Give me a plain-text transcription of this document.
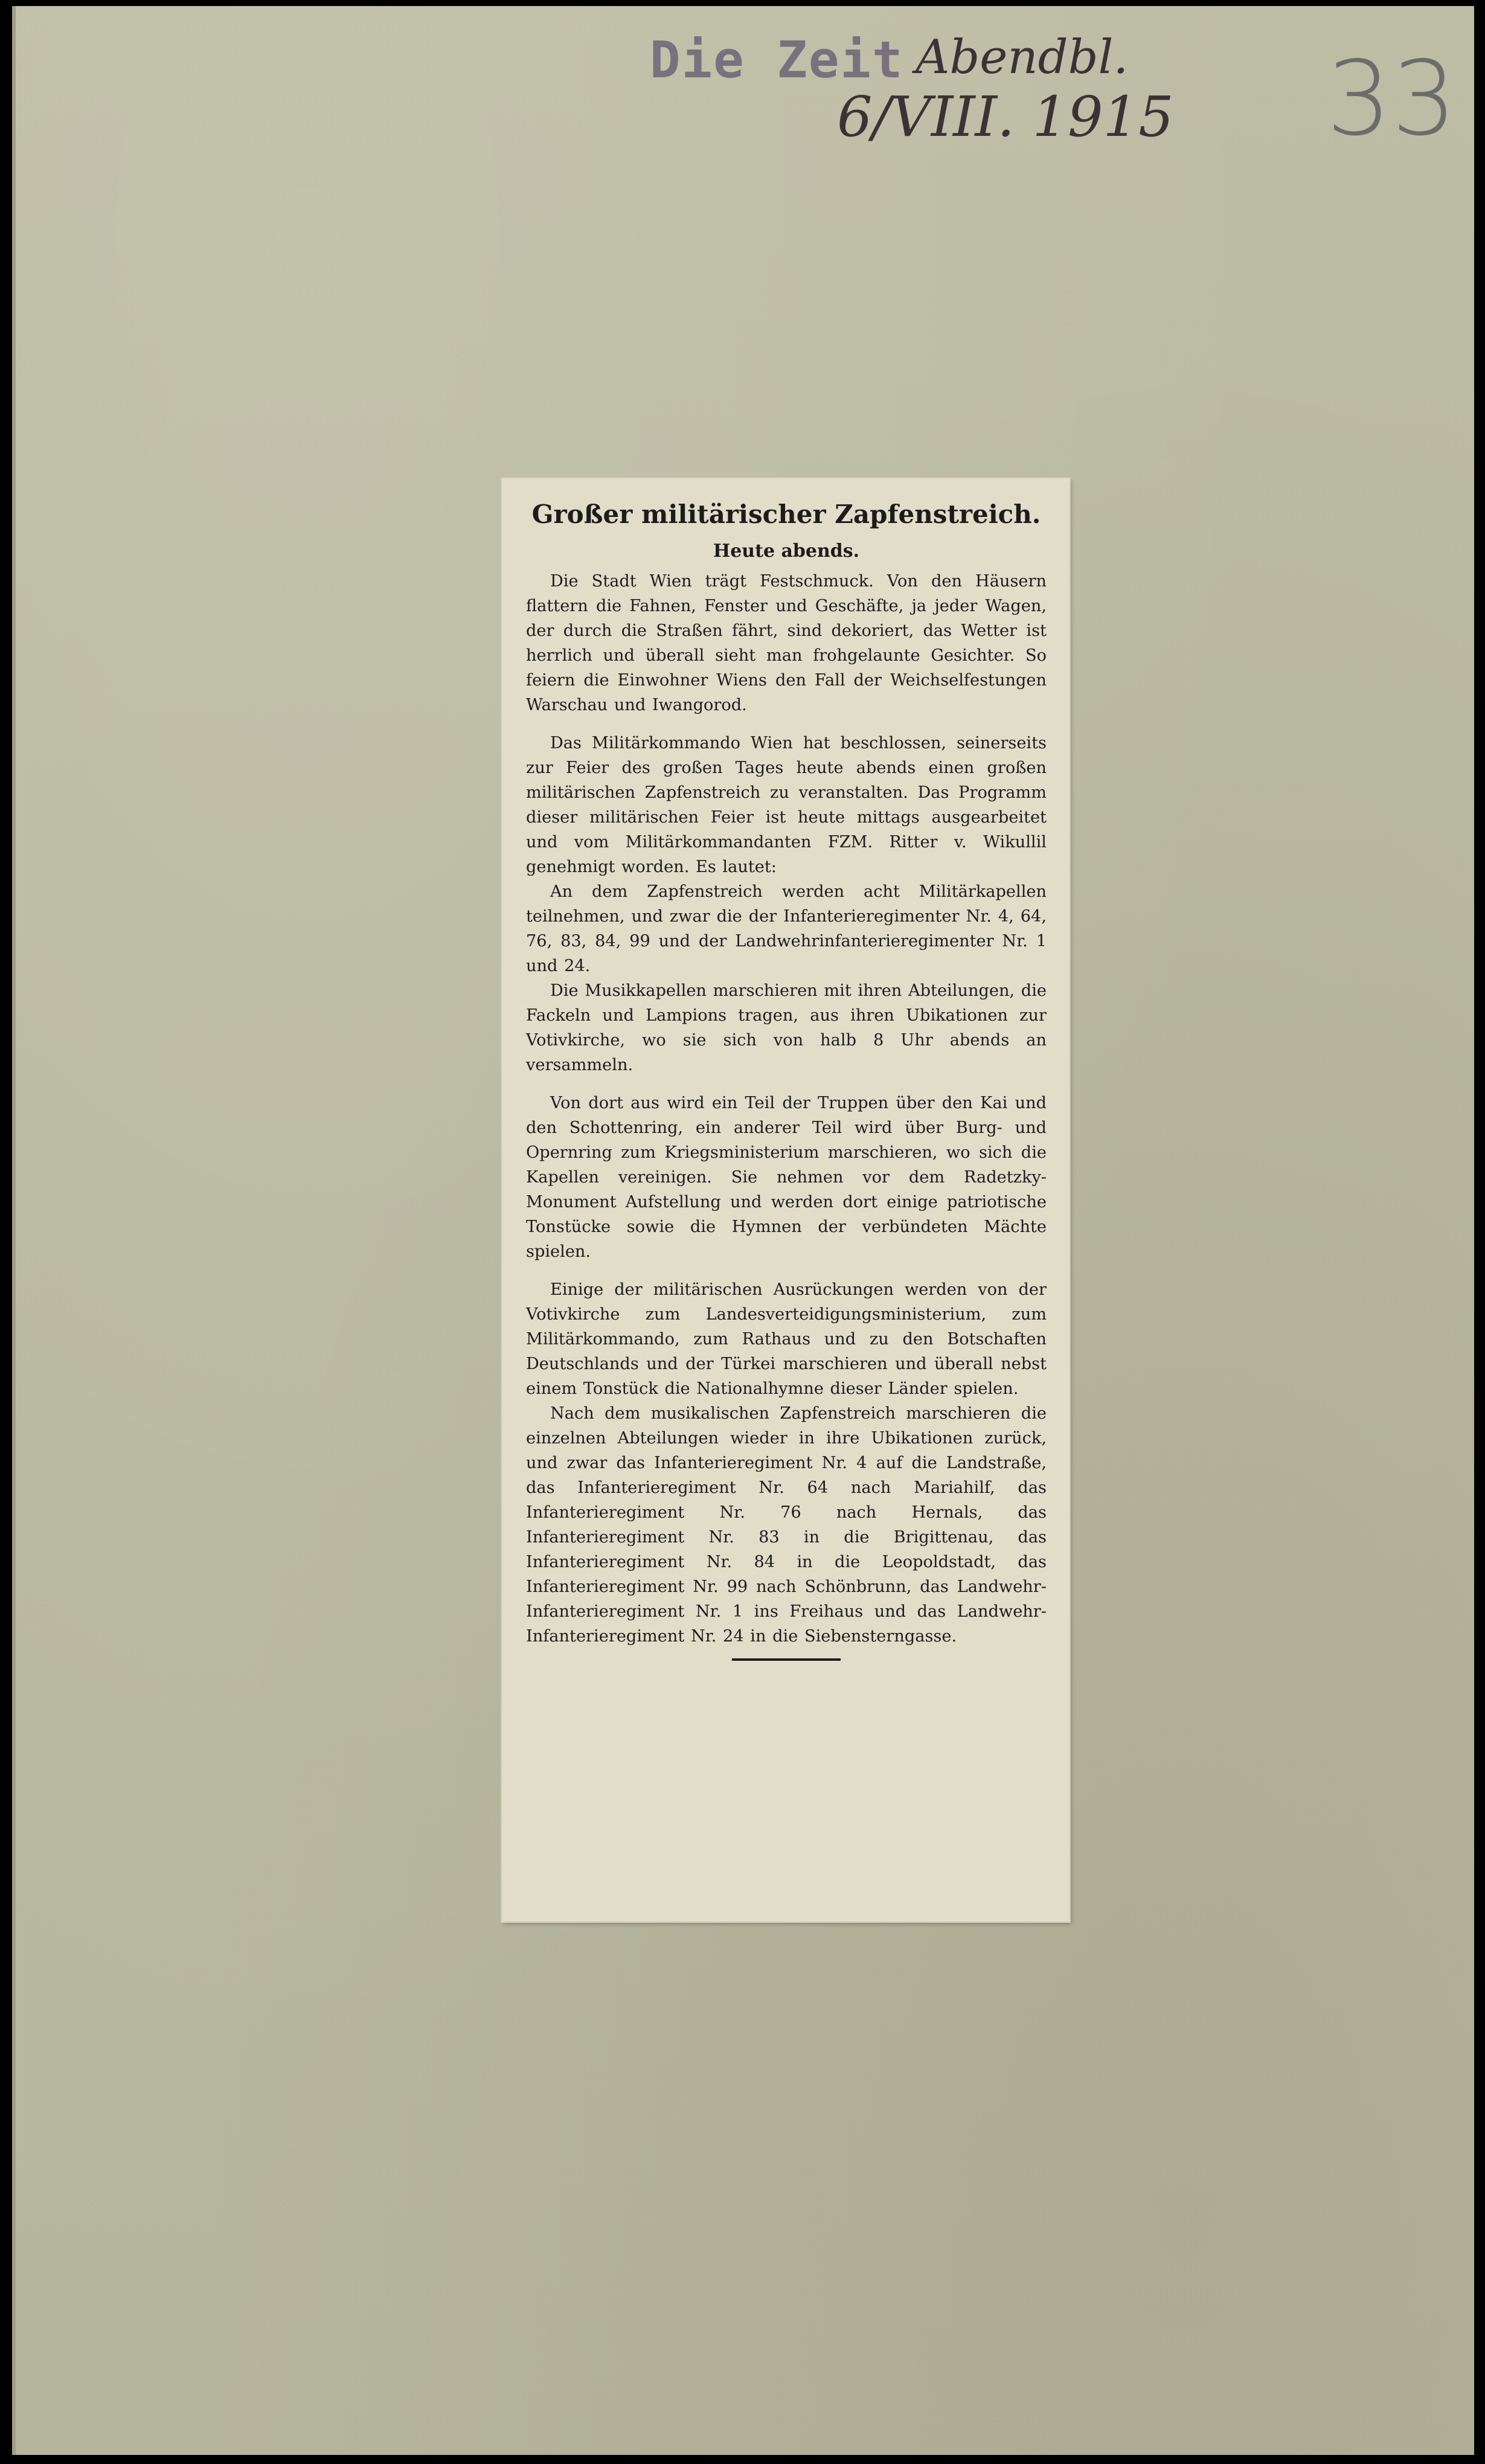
Die Zeit Abendbl.
6/VIII. 1915 33
Großer militärischer Zapfenstreich.
Heute abends.

Die Stadt Wien trägt Festschmuck. Von den Häusern flattern die Fahnen, Fenster und Geschäfte, ja jeder Wagen, der durch die Straßen fährt, sind dekoriert, das Wetter ist herrlich und überall sieht man frohgelaunte Gesichter. So feiern die Einwohner Wiens den Fall der Weichselfestungen Warschau und Iwangorod.

Das Militärkommando Wien hat beschlossen, seinerseits zur Feier des großen Tages heute abends einen großen militärischen Zapfenstreich zu veranstalten. Das Programm dieser militärischen Feier ist heute mittags ausgearbeitet und vom Militärkommandanten FZM. Ritter v. Wikullil genehmigt worden. Es lautet:

An dem Zapfenstreich werden acht Militärkapellen teilnehmen, und zwar die der Infanterieregimenter Nr. 4, 64, 76, 83, 84, 99 und der Landwehrinfanterieregimenter Nr. 1 und 24.

Die Musikkapellen marschieren mit ihren Abteilungen, die Fackeln und Lampions tragen, aus ihren Ubikationen zur Votivkirche, wo sie sich von halb 8 Uhr abends an versammeln.

Von dort aus wird ein Teil der Truppen über den Kai und den Schottenring, ein anderer Teil wird über Burg- und Opernring zum Kriegsministerium marschieren, wo sich die Kapellen vereinigen. Sie nehmen vor dem Radetzky-Monument Aufstellung und werden dort einige patriotische Tonstücke sowie die Hymnen der verbündeten Mächte spielen.

Einige der militärischen Ausrückungen werden von der Votivkirche zum Landesverteidigungsministerium, zum Militärkommando, zum Rathaus und zu den Botschaften Deutschlands und der Türkei marschieren und überall nebst einem Tonstück die Nationalhymne dieser Länder spielen.

Nach dem musikalischen Zapfenstreich marschieren die einzelnen Abteilungen wieder in ihre Ubikationen zurück, und zwar das Infanterieregiment Nr. 4 auf die Landstraße, das Infanterieregiment Nr. 64 nach Mariahilf, das Infanterieregiment Nr. 76 nach Hernals, das Infanterieregiment Nr. 83 in die Brigittenau, das Infanterieregiment Nr. 84 in die Leopoldstadt, das Infanterieregiment Nr. 99 nach Schönbrunn, das Landwehr-Infanterieregiment Nr. 1 ins Freihaus und das Landwehr-Infanterieregiment Nr. 24 in die Siebensterngasse.
